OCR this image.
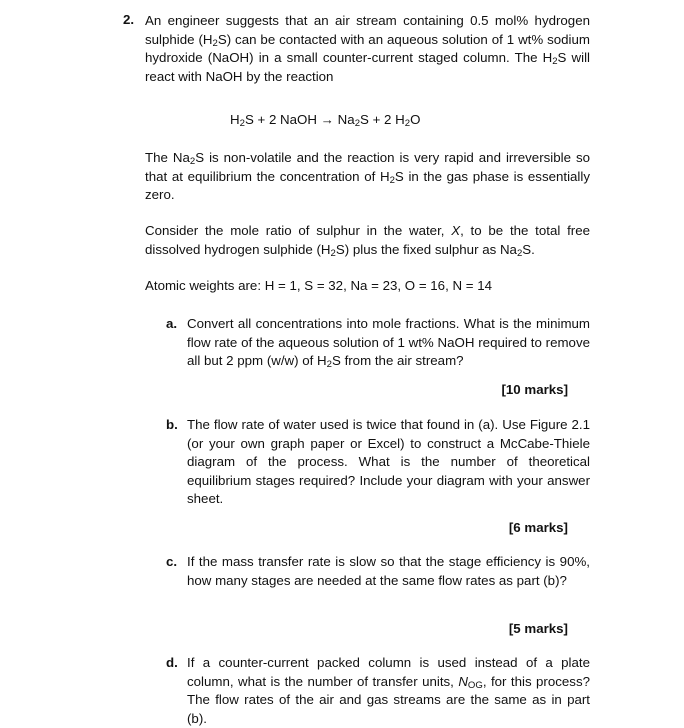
2. An engineer suggests that an air stream containing 0.5 mol% hydrogen sulphide $(H_2S)$ can be contacted with an aqueous solution of 1 wt% sodium hydroxide (NaOH) in a small counter-current staged column. The $H_2S$ will react with NaOH by the reaction
$H_2S + 2$ NaOH → $Na_2S + 2$ $H_2O$
The $Na_2S$ is non-volatile and the reaction is very rapid and irreversible so that at equilibrium the concentration of $H_2S$ in the gas phase is essentially zero.
Consider the mole ratio of sulphur in the water, X, to be the total free dissolved hydrogen sulphide $(H_2S)$ plus the fixed sulphur as $Na_2S$.
Atomic weights are: H = 1, S = 32, Na = 23, O = 16, N = 14
a. Convert all concentrations into mole fractions. What is the minimum flow rate of the aqueous solution of 1 wt% NaOH required to remove all but 2 ppm (w/w) of $H_2S$ from the air stream?
[10 marks]
b. The flow rate of water used is twice that found in (a). Use Figure 2.1 (or your own graph paper or Excel) to construct a McCabe-Thiele diagram of the process. What is the number of theoretical equilibrium stages required? Include your diagram with your answer sheet.
[6 marks]
c. If the mass transfer rate is slow so that the stage efficiency is 90%, how many stages are needed at the same flow rates as part (b)?
[5 marks]
d. If a counter-current packed column is used instead of a plate column, what is the number of transfer units, $N_{OG}$, for this process? The flow rates of the air and gas streams are the same as in part (b).
